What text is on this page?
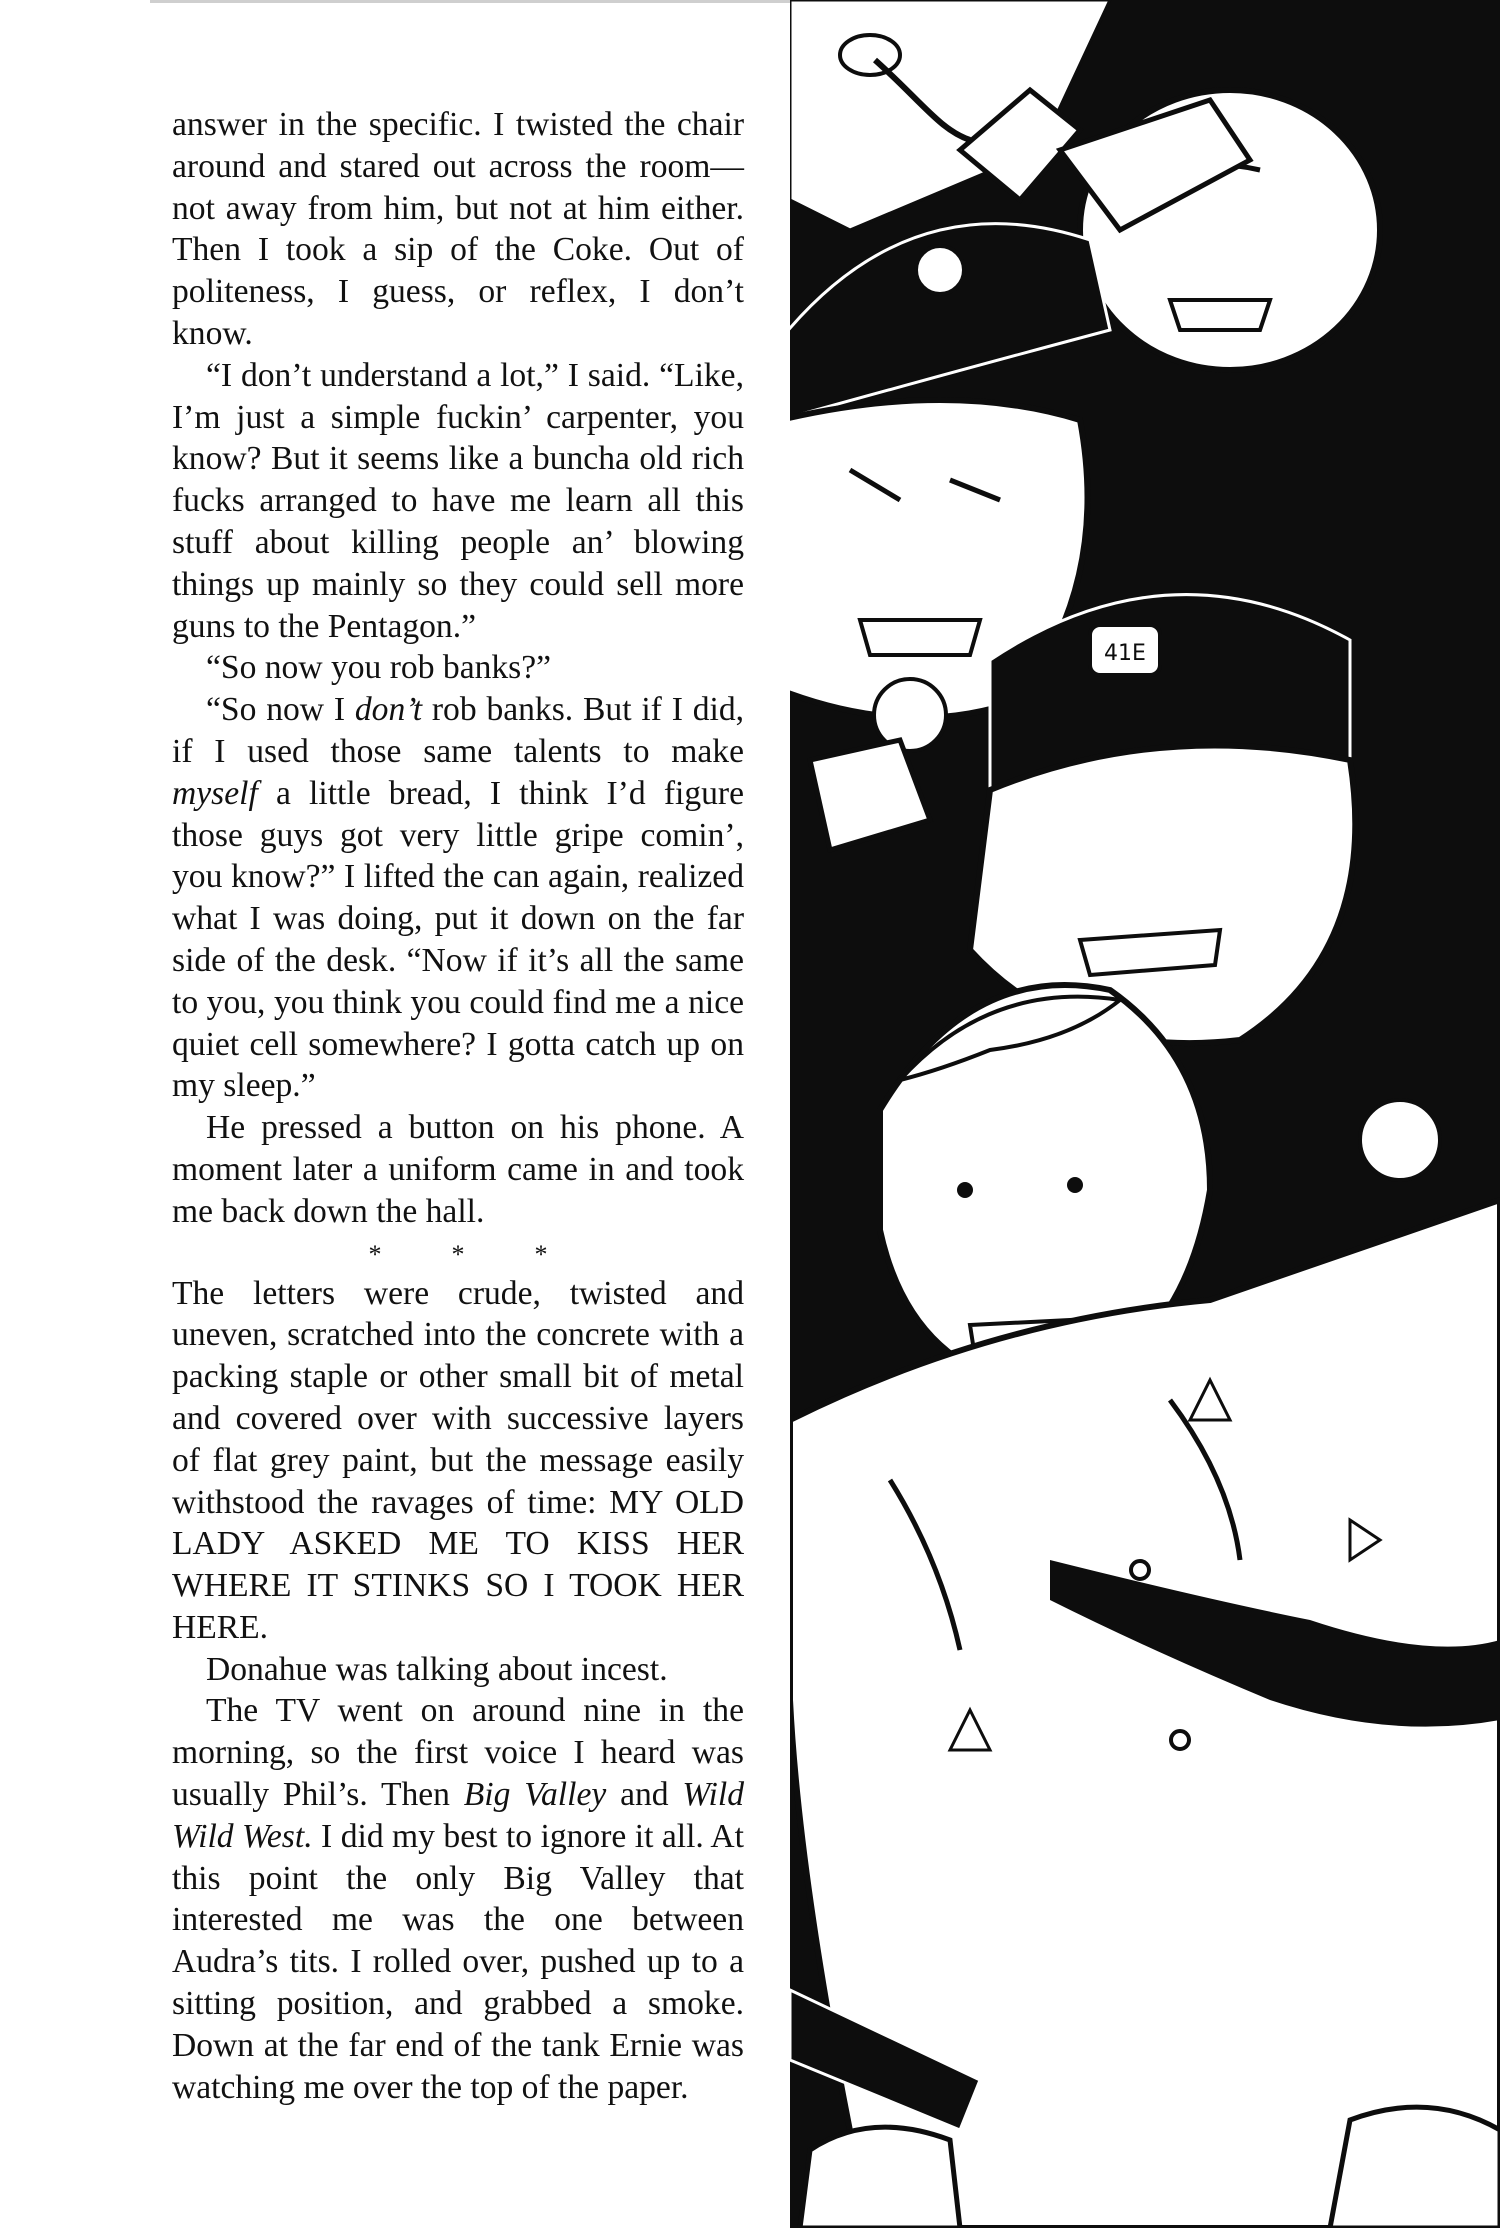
answer in the specific. I twisted the chair around and stared out across the room—not away from him, but not at him either. Then I took a sip of the Coke. Out of politeness, I guess, or reflex, I don’t know.

“I don’t understand a lot,” I said. “Like, I’m just a simple fuckin’ carpenter, you know? But it seems like a buncha old rich fucks arranged to have me learn all this stuff about killing people an’ blowing things up mainly so they could sell more guns to the Pentagon.”

“So now you rob banks?”

“So now I don’t rob banks. But if I did, if I used those same talents to make myself a little bread, I think I’d figure those guys got very little gripe comin’, you know?” I lifted the can again, realized what I was doing, put it down on the far side of the desk. “Now if it’s all the same to you, you think you could find me a nice quiet cell somewhere? I gotta catch up on my sleep.”

He pressed a button on his phone. A moment later a uniform came in and took me back down the hall.

*	*	*

The letters were crude, twisted and uneven, scratched into the concrete with a packing staple or other small bit of metal and covered over with successive layers of flat grey paint, but the message easily withstood the ravages of time: MY OLD LADY ASKED ME TO KISS HER WHERE IT STINKS SO I TOOK HER HERE.

Donahue was talking about incest.

The TV went on around nine in the morning, so the first voice I heard was usually Phil’s. Then Big Valley and Wild Wild West. I did my best to ignore it all. At this point the only Big Valley that interested me was the one between Audra’s tits. I rolled over, pushed up to a sitting position, and grabbed a smoke. Down at the far end of the tank Ernie was watching me over the top of the paper.

41E
